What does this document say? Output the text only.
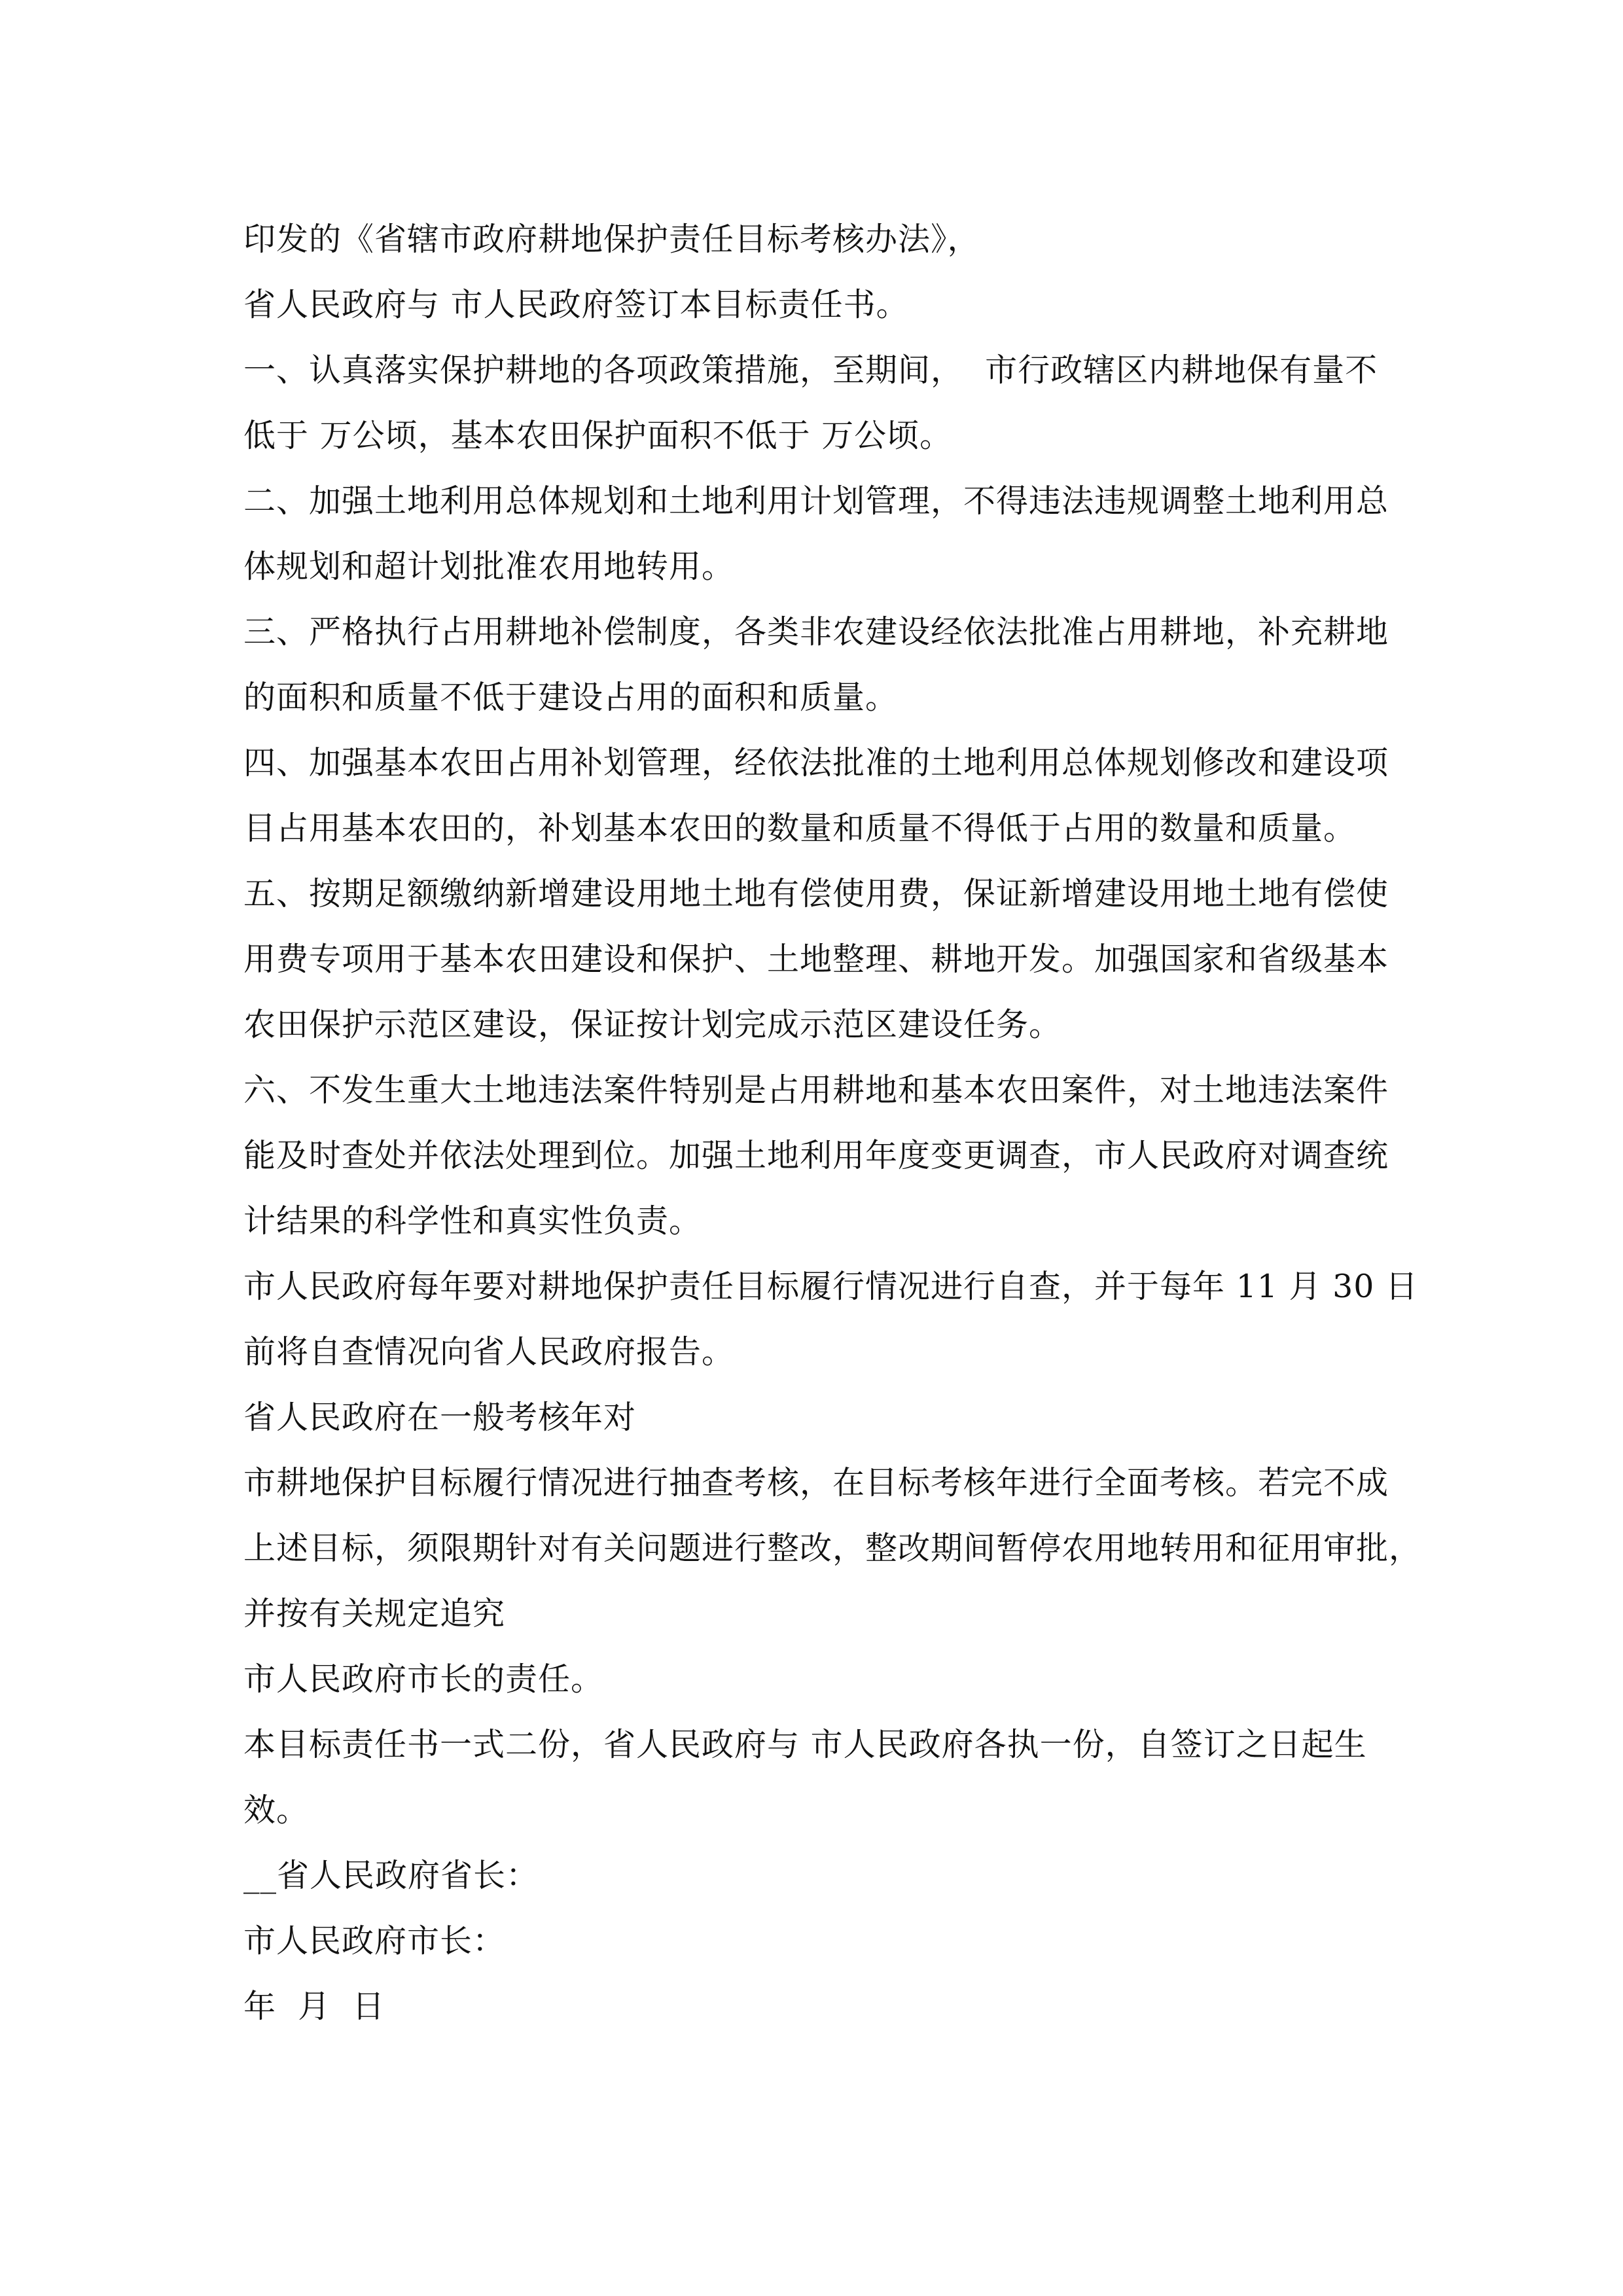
印发的《省辖市政府耕地保护责任目标考核办法》，

省人民政府与 市人民政府签订本目标责任书。

一、认真落实保护耕地的各项政策措施，至期间，  市行政辖区内耕地保有量不
低于 万公顷，基本农田保护面积不低于 万公顷。

二、加强土地利用总体规划和土地利用计划管理，不得违法违规调整土地利用总
体规划和超计划批准农用地转用。

三、严格执行占用耕地补偿制度，各类非农建设经依法批准占用耕地，补充耕地
的面积和质量不低于建设占用的面积和质量。

四、加强基本农田占用补划管理，经依法批准的土地利用总体规划修改和建设项
目占用基本农田的，补划基本农田的数量和质量不得低于占用的数量和质量。

五、按期足额缴纳新增建设用地土地有偿使用费，保证新增建设用地土地有偿使
用费专项用于基本农田建设和保护、土地整理、耕地开发。加强国家和省级基本
农田保护示范区建设，保证按计划完成示范区建设任务。

六、不发生重大土地违法案件特别是占用耕地和基本农田案件，对土地违法案件
能及时查处并依法处理到位。加强土地利用年度变更调查，市人民政府对调查统
计结果的科学性和真实性负责。

市人民政府每年要对耕地保护责任目标履行情况进行自查，并于每年 11 月 30 日
前将自查情况向省人民政府报告。

省人民政府在一般考核年对

市耕地保护目标履行情况进行抽查考核，在目标考核年进行全面考核。若完不成
上述目标，须限期针对有关问题进行整改，整改期间暂停农用地转用和征用审批，
并按有关规定追究

市人民政府市长的责任。

本目标责任书一式二份，省人民政府与 市人民政府各执一份，自签订之日起生
效。

__省人民政府省长：

市人民政府市长：

年  月  日
